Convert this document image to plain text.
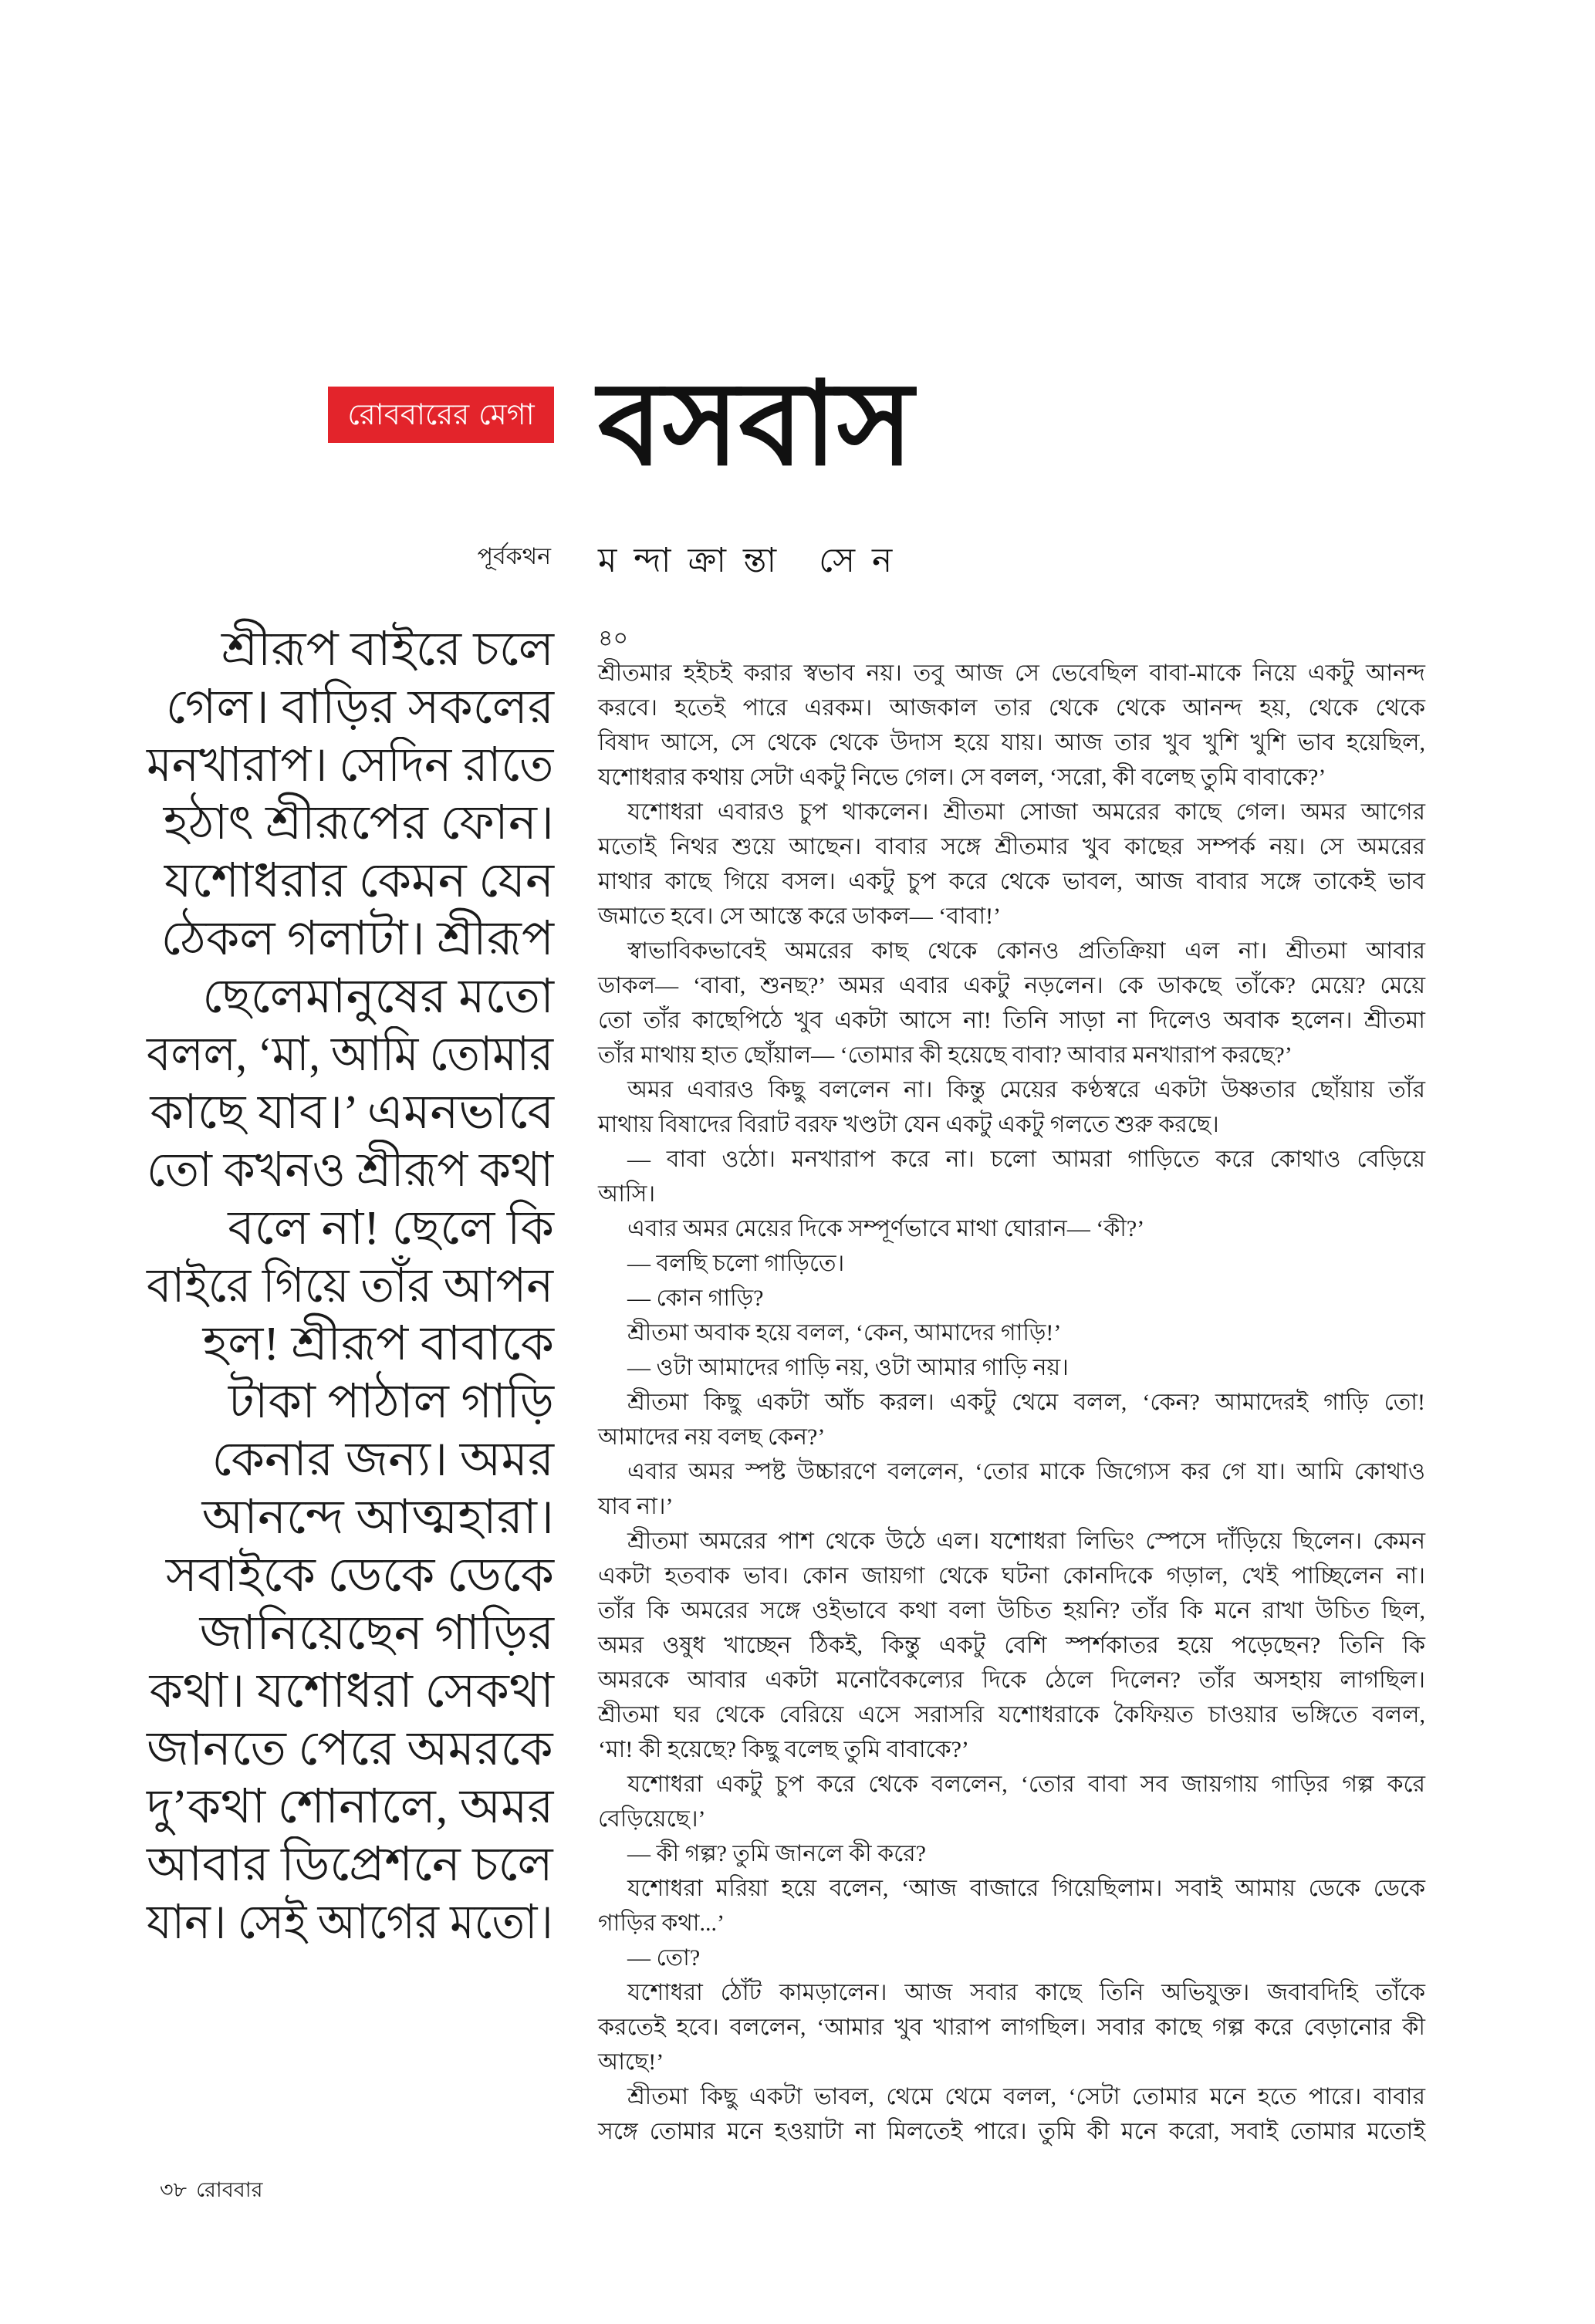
রোববারের মেগা বসবাস
পূর্বকথন মন্দাক্রান্তা সেন
শ্রীরূপ বাইরে চলে
গেল। বাড়ির সকলের
মনখারাপ। সেদিন রাতে
হঠাৎ শ্রীরূপের ফোন।
যশোধরার কেমন যেন
ঠেকল গলাটা। শ্রীরূপ
ছেলেমানুষের মতো
বলল, ‘মা, আমি তোমার
কাছে যাব।’ এমনভাবে
তো কখনও শ্রীরূপ কথা
বলে না! ছেলে কি
বাইরে গিয়ে তাঁর আপন
হল! শ্রীরূপ বাবাকে
টাকা পাঠাল গাড়ি
কেনার জন্য। অমর
আনন্দে আত্মহারা।
সবাইকে ডেকে ডেকে
জানিয়েছেন গাড়ির
কথা। যশোধরা সেকথা
জানতে পেরে অমরকে
দু’কথা শোনালে, অমর
আবার ডিপ্রেশনে চলে
যান। সেই আগের মতো।
৪০
শ্রীতমার হইচই করার স্বভাব নয়। তবু আজ সে ভেবেছিল বাবা-মাকে নিয়ে একটু আনন্দ
করবে। হতেই পারে এরকম। আজকাল তার থেকে থেকে আনন্দ হয়, থেকে থেকে
বিষাদ আসে, সে থেকে থেকে উদাস হয়ে যায়। আজ তার খুব খুশি খুশি ভাব হয়েছিল,
যশোধরার কথায় সেটা একটু নিভে গেল। সে বলল, ‘সরো, কী বলেছ তুমি বাবাকে?’
যশোধরা এবারও চুপ থাকলেন। শ্রীতমা সোজা অমরের কাছে গেল। অমর আগের
মতোই নিথর শুয়ে আছেন। বাবার সঙ্গে শ্রীতমার খুব কাছের সম্পর্ক নয়। সে অমরের
মাথার কাছে গিয়ে বসল। একটু চুপ করে থেকে ভাবল, আজ বাবার সঙ্গে তাকেই ভাব
জমাতে হবে। সে আস্তে করে ডাকল— ‘বাবা!’
স্বাভাবিকভাবেই অমরের কাছ থেকে কোনও প্রতিক্রিয়া এল না। শ্রীতমা আবার
ডাকল— ‘বাবা, শুনছ?’ অমর এবার একটু নড়লেন। কে ডাকছে তাঁকে? মেয়ে? মেয়ে
তো তাঁর কাছেপিঠে খুব একটা আসে না! তিনি সাড়া না দিলেও অবাক হলেন। শ্রীতমা
তাঁর মাথায় হাত ছোঁয়াল— ‘তোমার কী হয়েছে বাবা? আবার মনখারাপ করছে?’
অমর এবারও কিছু বললেন না। কিন্তু মেয়ের কণ্ঠস্বরে একটা উষ্ণতার ছোঁয়ায় তাঁর
মাথায় বিষাদের বিরাট বরফ খণ্ডটা যেন একটু একটু গলতে শুরু করছে।
— বাবা ওঠো। মনখারাপ করে না। চলো আমরা গাড়িতে করে কোথাও বেড়িয়ে
আসি।
এবার অমর মেয়ের দিকে সম্পূর্ণভাবে মাথা ঘোরান— ‘কী?’
— বলছি চলো গাড়িতে।
— কোন গাড়ি?
শ্রীতমা অবাক হয়ে বলল, ‘কেন, আমাদের গাড়ি!’
— ওটা আমাদের গাড়ি নয়, ওটা আমার গাড়ি নয়।
শ্রীতমা কিছু একটা আঁচ করল। একটু থেমে বলল, ‘কেন? আমাদেরই গাড়ি তো!
আমাদের নয় বলছ কেন?’
এবার অমর স্পষ্ট উচ্চারণে বললেন, ‘তোর মাকে জিগ্যেস কর গে যা। আমি কোথাও
যাব না।’
শ্রীতমা অমরের পাশ থেকে উঠে এল। যশোধরা লিভিং স্পেসে দাঁড়িয়ে ছিলেন। কেমন
একটা হতবাক ভাব। কোন জায়গা থেকে ঘটনা কোনদিকে গড়াল, খেই পাচ্ছিলেন না।
তাঁর কি অমরের সঙ্গে ওইভাবে কথা বলা উচিত হয়নি? তাঁর কি মনে রাখা উচিত ছিল,
অমর ওষুধ খাচ্ছেন ঠিকই, কিন্তু একটু বেশি স্পর্শকাতর হয়ে পড়েছেন? তিনি কি
অমরকে আবার একটা মনোবৈকল্যের দিকে ঠেলে দিলেন? তাঁর অসহায় লাগছিল।
শ্রীতমা ঘর থেকে বেরিয়ে এসে সরাসরি যশোধরাকে কৈফিয়ত চাওয়ার ভঙ্গিতে বলল,
‘মা! কী হয়েছে? কিছু বলেছ তুমি বাবাকে?’
যশোধরা একটু চুপ করে থেকে বললেন, ‘তোর বাবা সব জায়গায় গাড়ির গল্প করে
বেড়িয়েছে।’
— কী গল্প? তুমি জানলে কী করে?
যশোধরা মরিয়া হয়ে বলেন, ‘আজ বাজারে গিয়েছিলাম। সবাই আমায় ডেকে ডেকে
গাড়ির কথা...’
— তো?
যশোধরা ঠোঁট কামড়ালেন। আজ সবার কাছে তিনি অভিযুক্ত। জবাবদিহি তাঁকে
করতেই হবে। বললেন, ‘আমার খুব খারাপ লাগছিল। সবার কাছে গল্প করে বেড়ানোর কী
আছে!’
শ্রীতমা কিছু একটা ভাবল, থেমে থেমে বলল, ‘সেটা তোমার মনে হতে পারে। বাবার
সঙ্গে তোমার মনে হওয়াটা না মিলতেই পারে। তুমি কী মনে করো, সবাই তোমার মতোই
৩৮ রোববার
